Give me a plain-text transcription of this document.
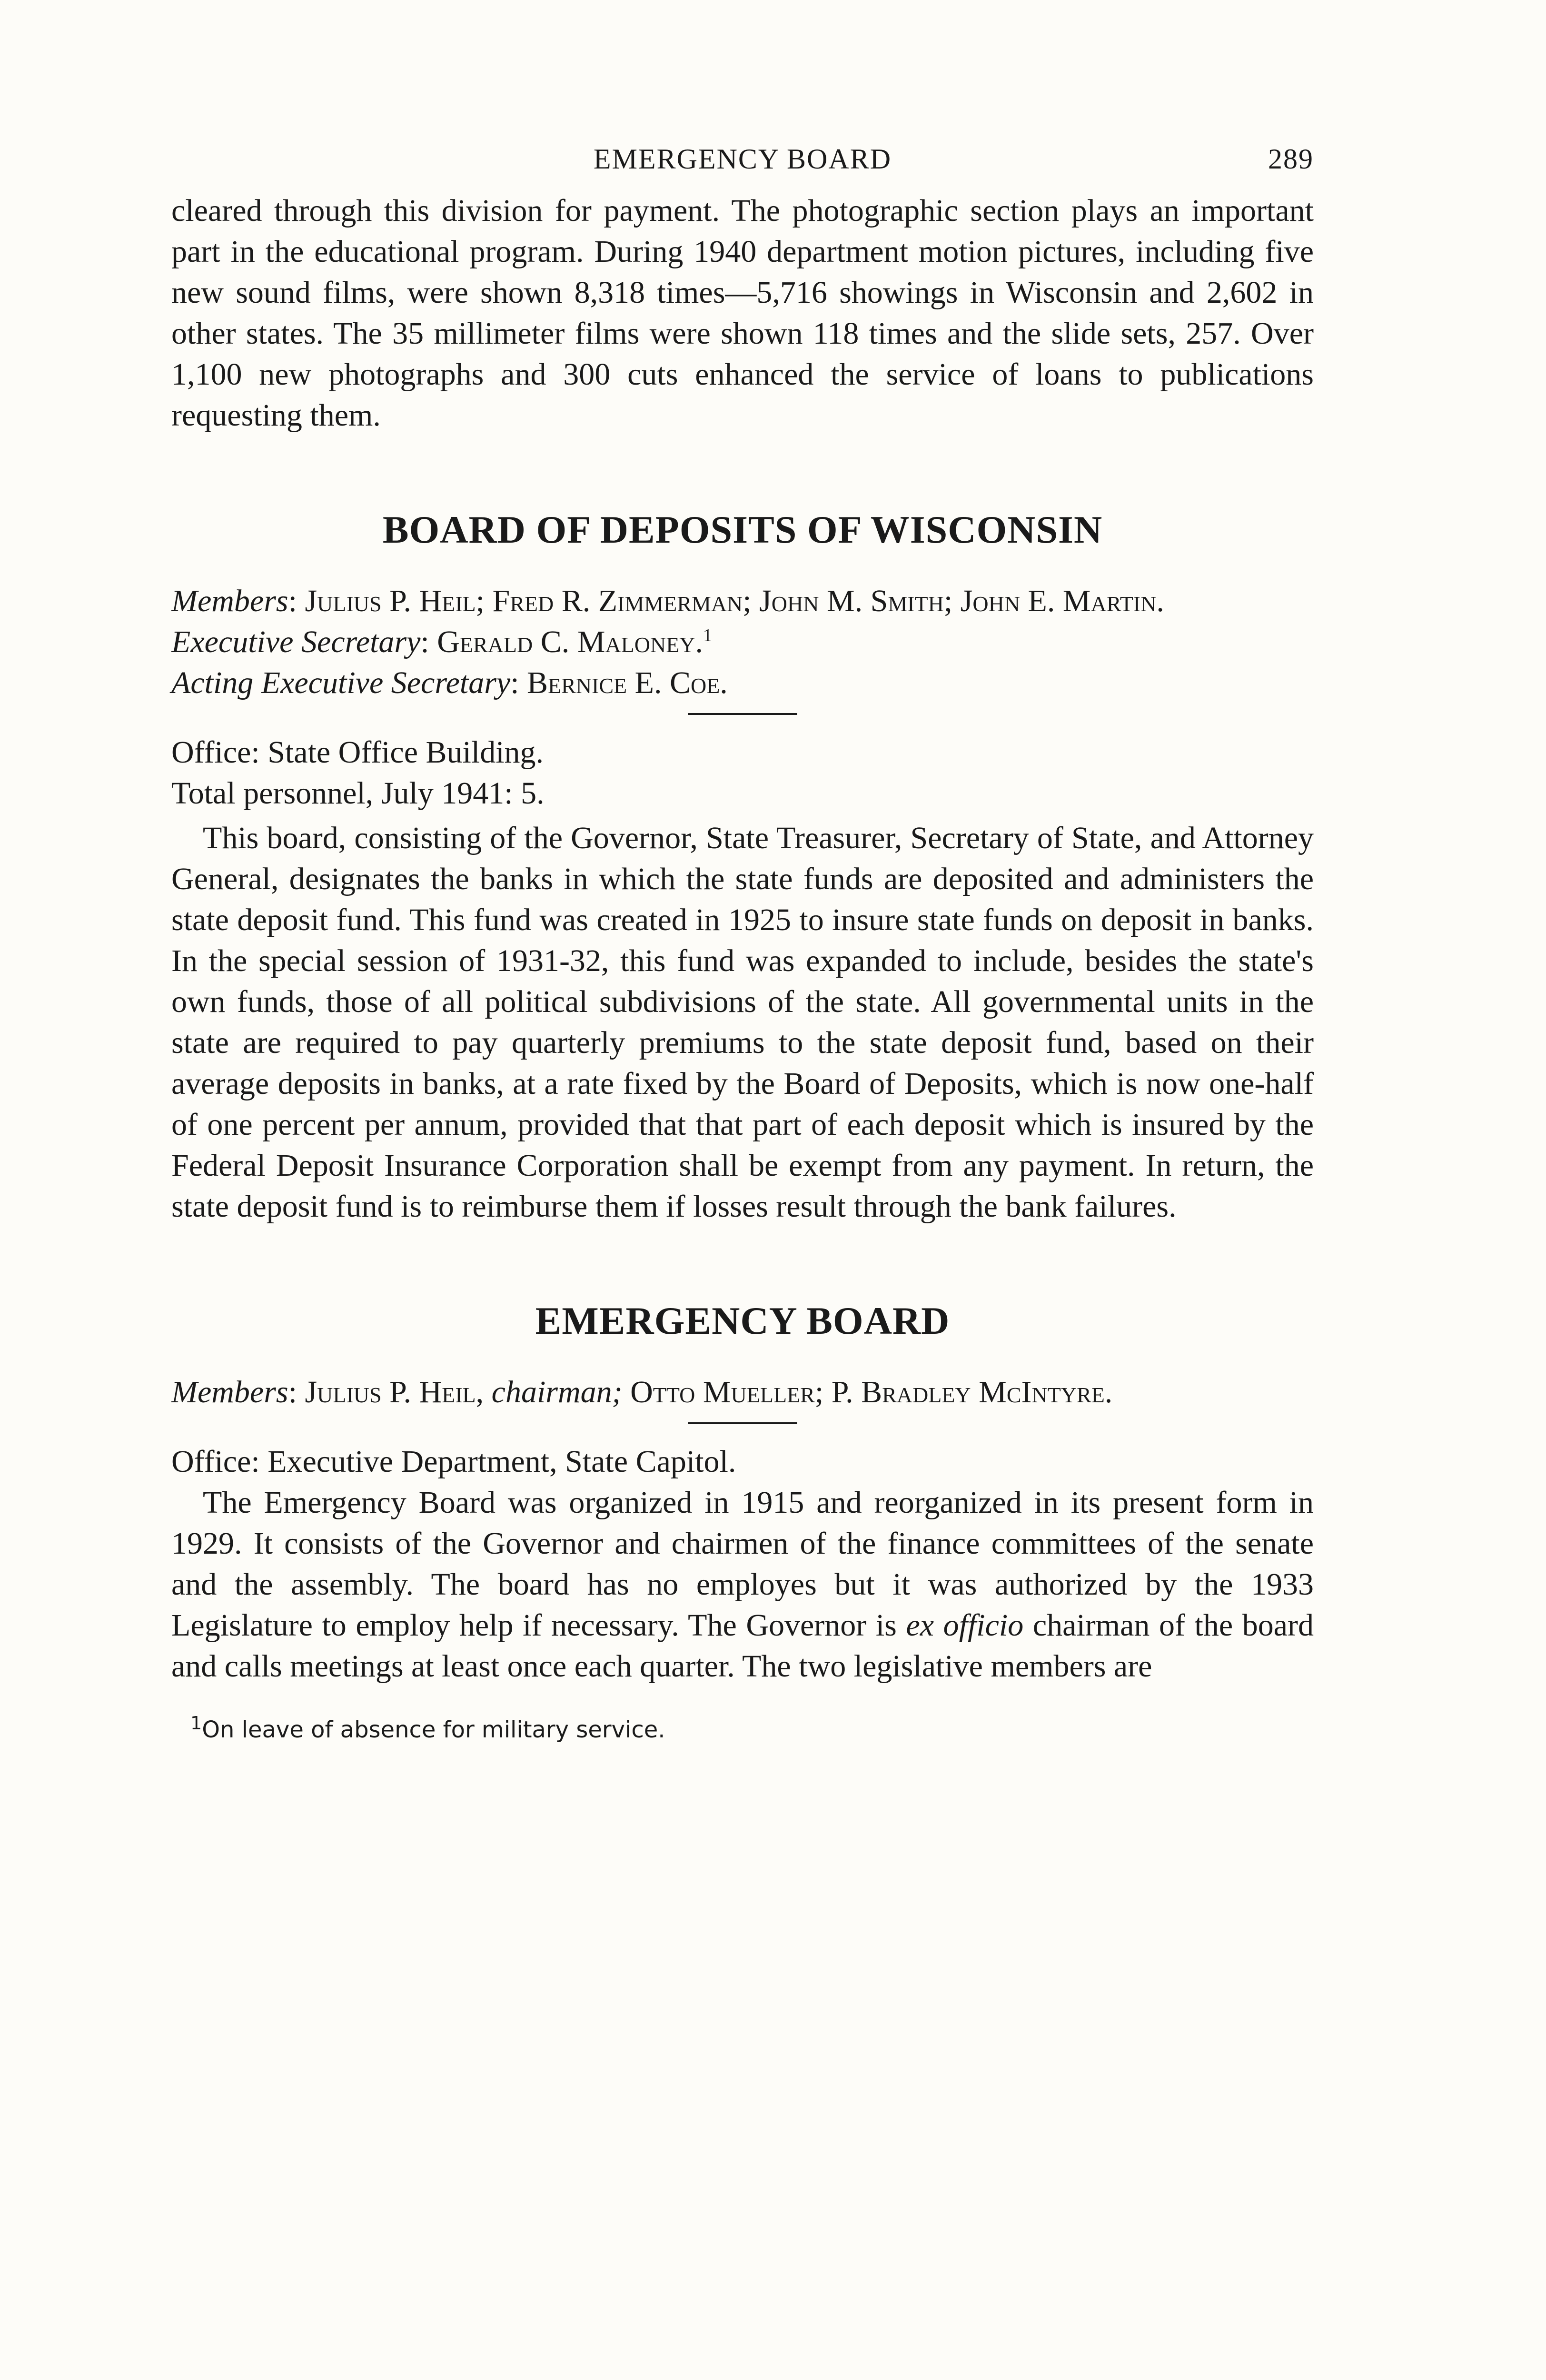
EMERGENCY BOARD	289

cleared through this division for payment. The photographic section plays an important part in the educational program. During 1940 department motion pictures, including five new sound films, were shown 8,318 times—5,716 showings in Wisconsin and 2,602 in other states. The 35 millimeter films were shown 118 times and the slide sets, 257. Over 1,100 new photographs and 300 cuts enhanced the service of loans to publications requesting them.

BOARD OF DEPOSITS OF WISCONSIN

Members: Julius P. Heil; Fred R. Zimmerman; John M. Smith; John E. Martin.

Executive Secretary: Gerald C. Maloney.$^1$

Acting Executive Secretary: Bernice E. Coe.

Office: State Office Building.

Total personnel, July 1941: 5.

This board, consisting of the Governor, State Treasurer, Secretary of State, and Attorney General, designates the banks in which the state funds are deposited and administers the state deposit fund. This fund was created in 1925 to insure state funds on deposit in banks. In the special session of 1931-32, this fund was expanded to include, besides the state's own funds, those of all political subdivisions of the state. All governmental units in the state are required to pay quarterly premiums to the state deposit fund, based on their average deposits in banks, at a rate fixed by the Board of Deposits, which is now one-half of one percent per annum, provided that that part of each deposit which is insured by the Federal Deposit Insurance Corporation shall be exempt from any payment. In return, the state deposit fund is to reimburse them if losses result through the bank failures.

EMERGENCY BOARD

Members: Julius P. Heil, chairman; Otto Mueller; P. Bradley McIntyre.

Office: Executive Department, State Capitol.

The Emergency Board was organized in 1915 and reorganized in its present form in 1929. It consists of the Governor and chairmen of the finance committees of the senate and the assembly. The board has no employes but it was authorized by the 1933 Legislature to employ help if necessary. The Governor is ex officio chairman of the board and calls meetings at least once each quarter. The two legislative members are

$^1$On leave of absence for military service.
